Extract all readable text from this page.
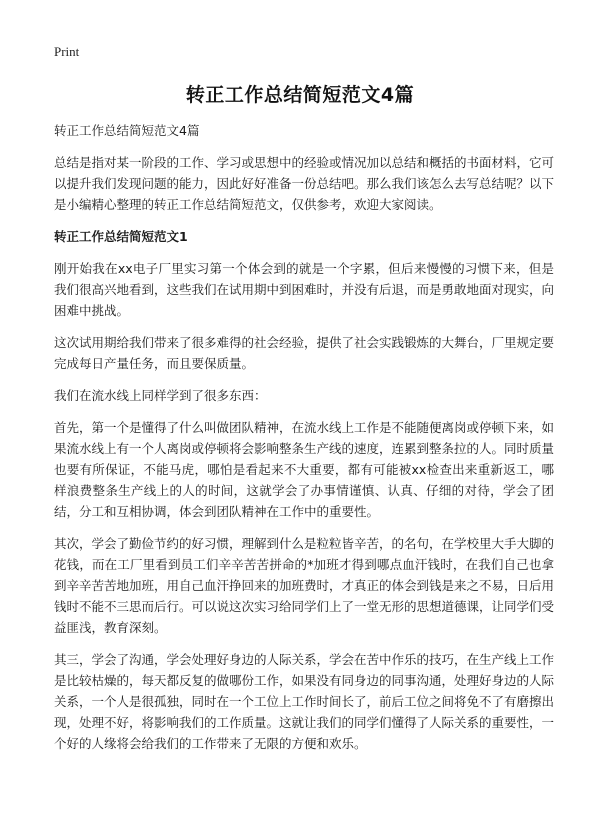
Print
转正工作总结简短范文4篇

转正工作总结简短范文4篇

总结是指对某一阶段的工作、学习或思想中的经验或情况加以总结和概括的书面材料，它可以提升我们发现问题的能力，因此好好准备一份总结吧。那么我们该怎么去写总结呢？以下是小编精心整理的转正工作总结简短范文，仅供参考，欢迎大家阅读。

转正工作总结简短范文1

刚开始我在xx电子厂里实习第一个体会到的就是一个字累，但后来慢慢的习惯下来，但是我们很高兴地看到，这些我们在试用期中到困难时，并没有后退，而是勇敢地面对现实，向困难中挑战。

这次试用期给我们带来了很多难得的社会经验，提供了社会实践锻炼的大舞台，厂里规定要完成每日产量任务，而且要保质量。

我们在流水线上同样学到了很多东西：

首先，第一个是懂得了什么叫做团队精神，在流水线上工作是不能随便离岗或停顿下来，如果流水线上有一个人离岗或停顿将会影响整条生产线的速度，连累到整条拉的人。同时质量也要有所保证，不能马虎，哪怕是看起来不大重要，都有可能被xx检查出来重新返工，哪样浪费整条生产线上的人的时间，这就学会了办事情谨慎、认真、仔细的对待，学会了团结，分工和互相协调，体会到团队精神在工作中的重要性。

其次，学会了勤俭节约的好习惯，理解到什么是粒粒皆辛苦，的名句，在学校里大手大脚的花钱，而在工厂里看到员工们辛辛苦苦拼命的*加班才得到哪点血汗钱时，在我们自己也拿到辛辛苦苦地加班，用自己血汗挣回来的加班费时，才真正的体会到钱是来之不易，日后用钱时不能不三思而后行。可以说这次实习给同学们上了一堂无形的思想道德课，让同学们受益匪浅，教育深刻。

其三，学会了沟通，学会处理好身边的人际关系，学会在苦中作乐的技巧，在生产线上工作是比较枯燥的，每天都反复的做哪份工作，如果没有同身边的同事沟通，处理好身边的人际关系，一个人是很孤独，同时在一个工位上工作时间长了，前后工位之间将免不了有磨擦出现，处理不好，将影响我们的工作质量。这就让我们的同学们懂得了人际关系的重要性，一个好的人缘将会给我们的工作带来了无限的方便和欢乐。
